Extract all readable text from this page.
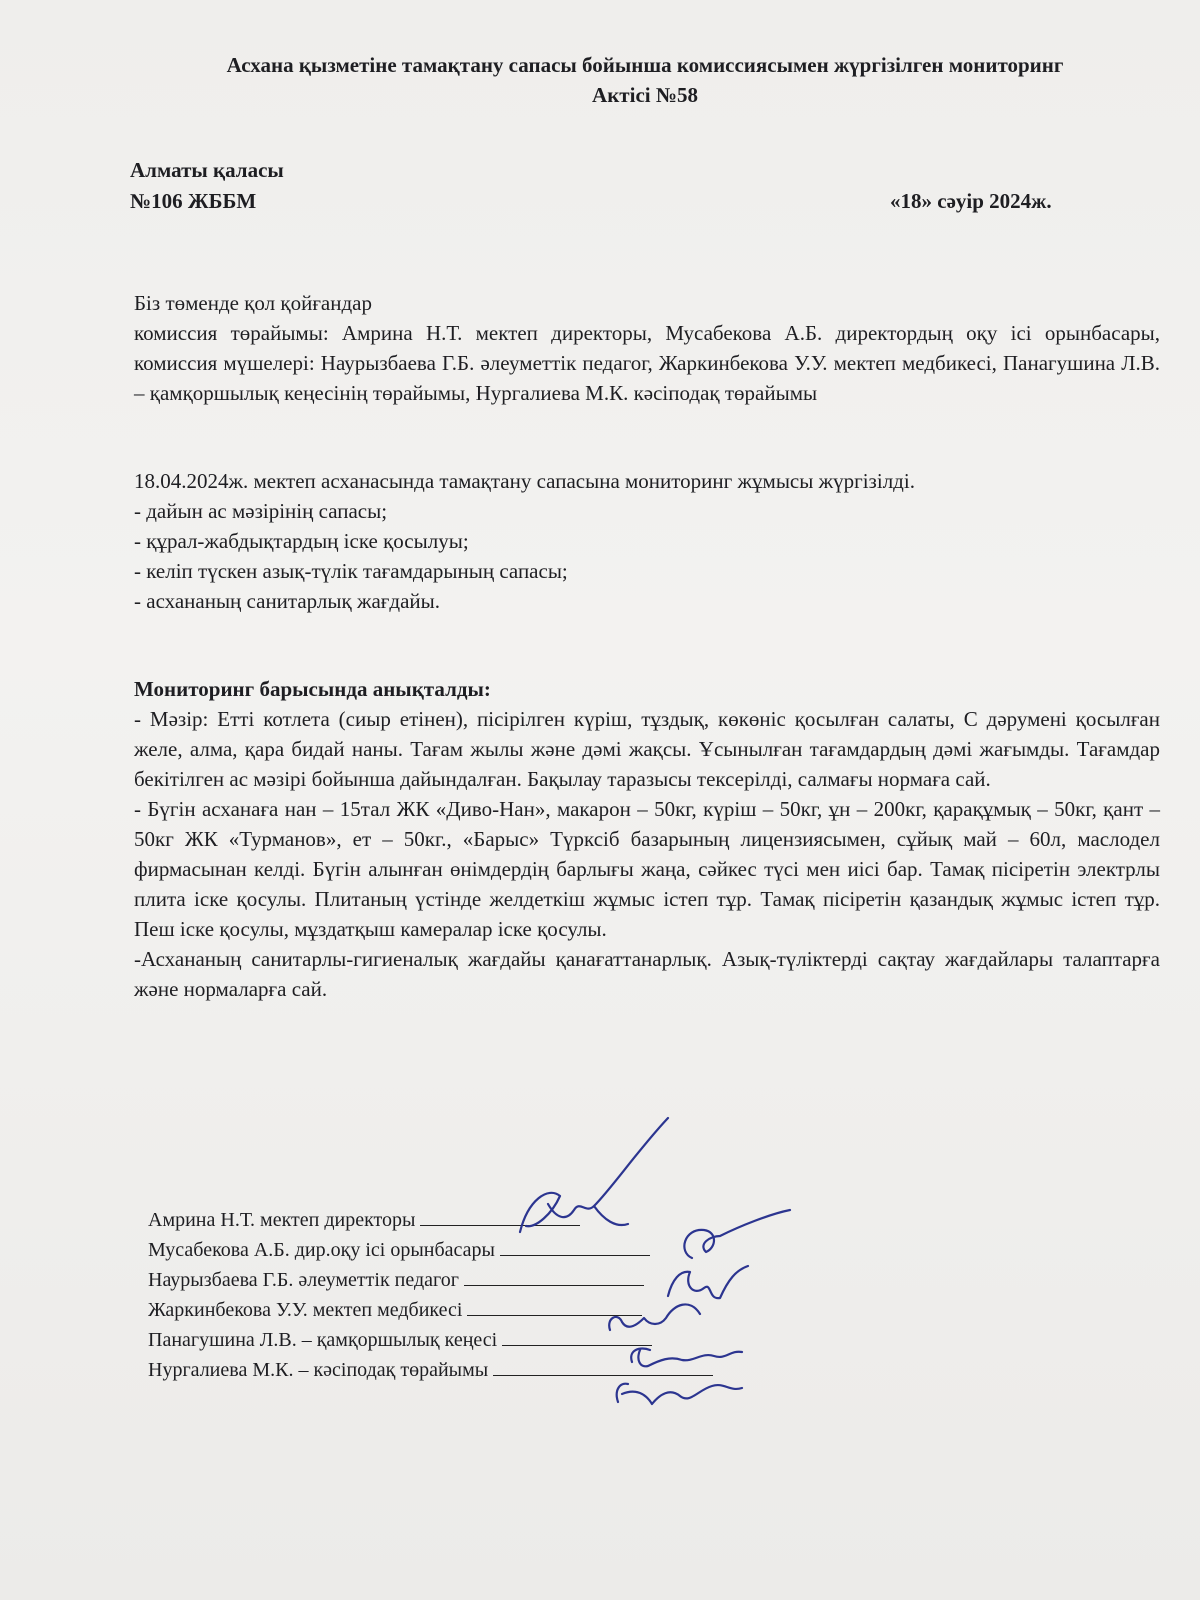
Асхана қызметіне тамақтану сапасы бойынша комиссиясымен жүргізілген мониторинг
Актісі №58
Алматы қаласы
№106 ЖББМ	«18» сәуір 2024ж.

Біз төменде қол қойғандар

комиссия төрайымы: Амрина Н.Т. мектеп директоры, Мусабекова А.Б. директордың оқу ісі орынбасары, комиссия мүшелері: Наурызбаева Г.Б. әлеуметтік педагог, Жаркинбекова У.У. мектеп медбикесі, Панагушина Л.В. – қамқоршылық кеңесінің төрайымы, Нургалиева М.К. кәсіподақ төрайымы

18.04.2024ж. мектеп асханасында тамақтану сапасына мониторинг жұмысы жүргізілді.

- дайын ас мәзірінің сапасы;

- құрал-жабдықтардың іске қосылуы;

- келіп түскен азық-түлік тағамдарының сапасы;

- асхананың санитарлық жағдайы.

Мониторинг барысында анықталды:

- Мәзір: Етті котлета (сиыр етінен), пісірілген күріш, тұздық, көкөніс қосылған салаты, С дәрумені қосылған желе, алма, қара бидай наны. Тағам жылы және дәмі жақсы. Ұсынылған тағамдардың дәмі жағымды. Тағамдар бекітілген ас мәзірі бойынша дайындалған. Бақылау таразысы тексерілді, салмағы нормаға сай.

- Бүгін асханаға нан – 15тал ЖК «Диво-Нан», макарон – 50кг, күріш – 50кг, ұн – 200кг, қарақұмық – 50кг, қант – 50кг ЖК «Турманов», ет – 50кг., «Барыс» Түрксіб базарының лицензиясымен, сұйық май – 60л, маслодел фирмасынан келді. Бүгін алынған өнімдердің барлығы жаңа, сәйкес түсі мен иісі бар. Тамақ пісіретін электрлы плита іске қосулы. Плитаның үстінде желдеткіш жұмыс істеп тұр. Тамақ пісіретін қазандық жұмыс істеп тұр. Пеш іске қосулы, мұздатқыш камералар іске қосулы.

-Асхананың санитарлы-гигиеналық жағдайы қанағаттанарлық. Азық-түліктерді сақтау жағдайлары талаптарға және нормаларға сай.

Амрина Н.Т. мектеп директоры
Мусабекова А.Б. дир.оқу ісі орынбасары
Наурызбаева Г.Б. әлеуметтік педагог
Жаркинбекова У.У. мектеп медбикесі
Панагушина Л.В. – қамқоршылық кеңесі
Нургалиева М.К. – кәсіподақ төрайымы
